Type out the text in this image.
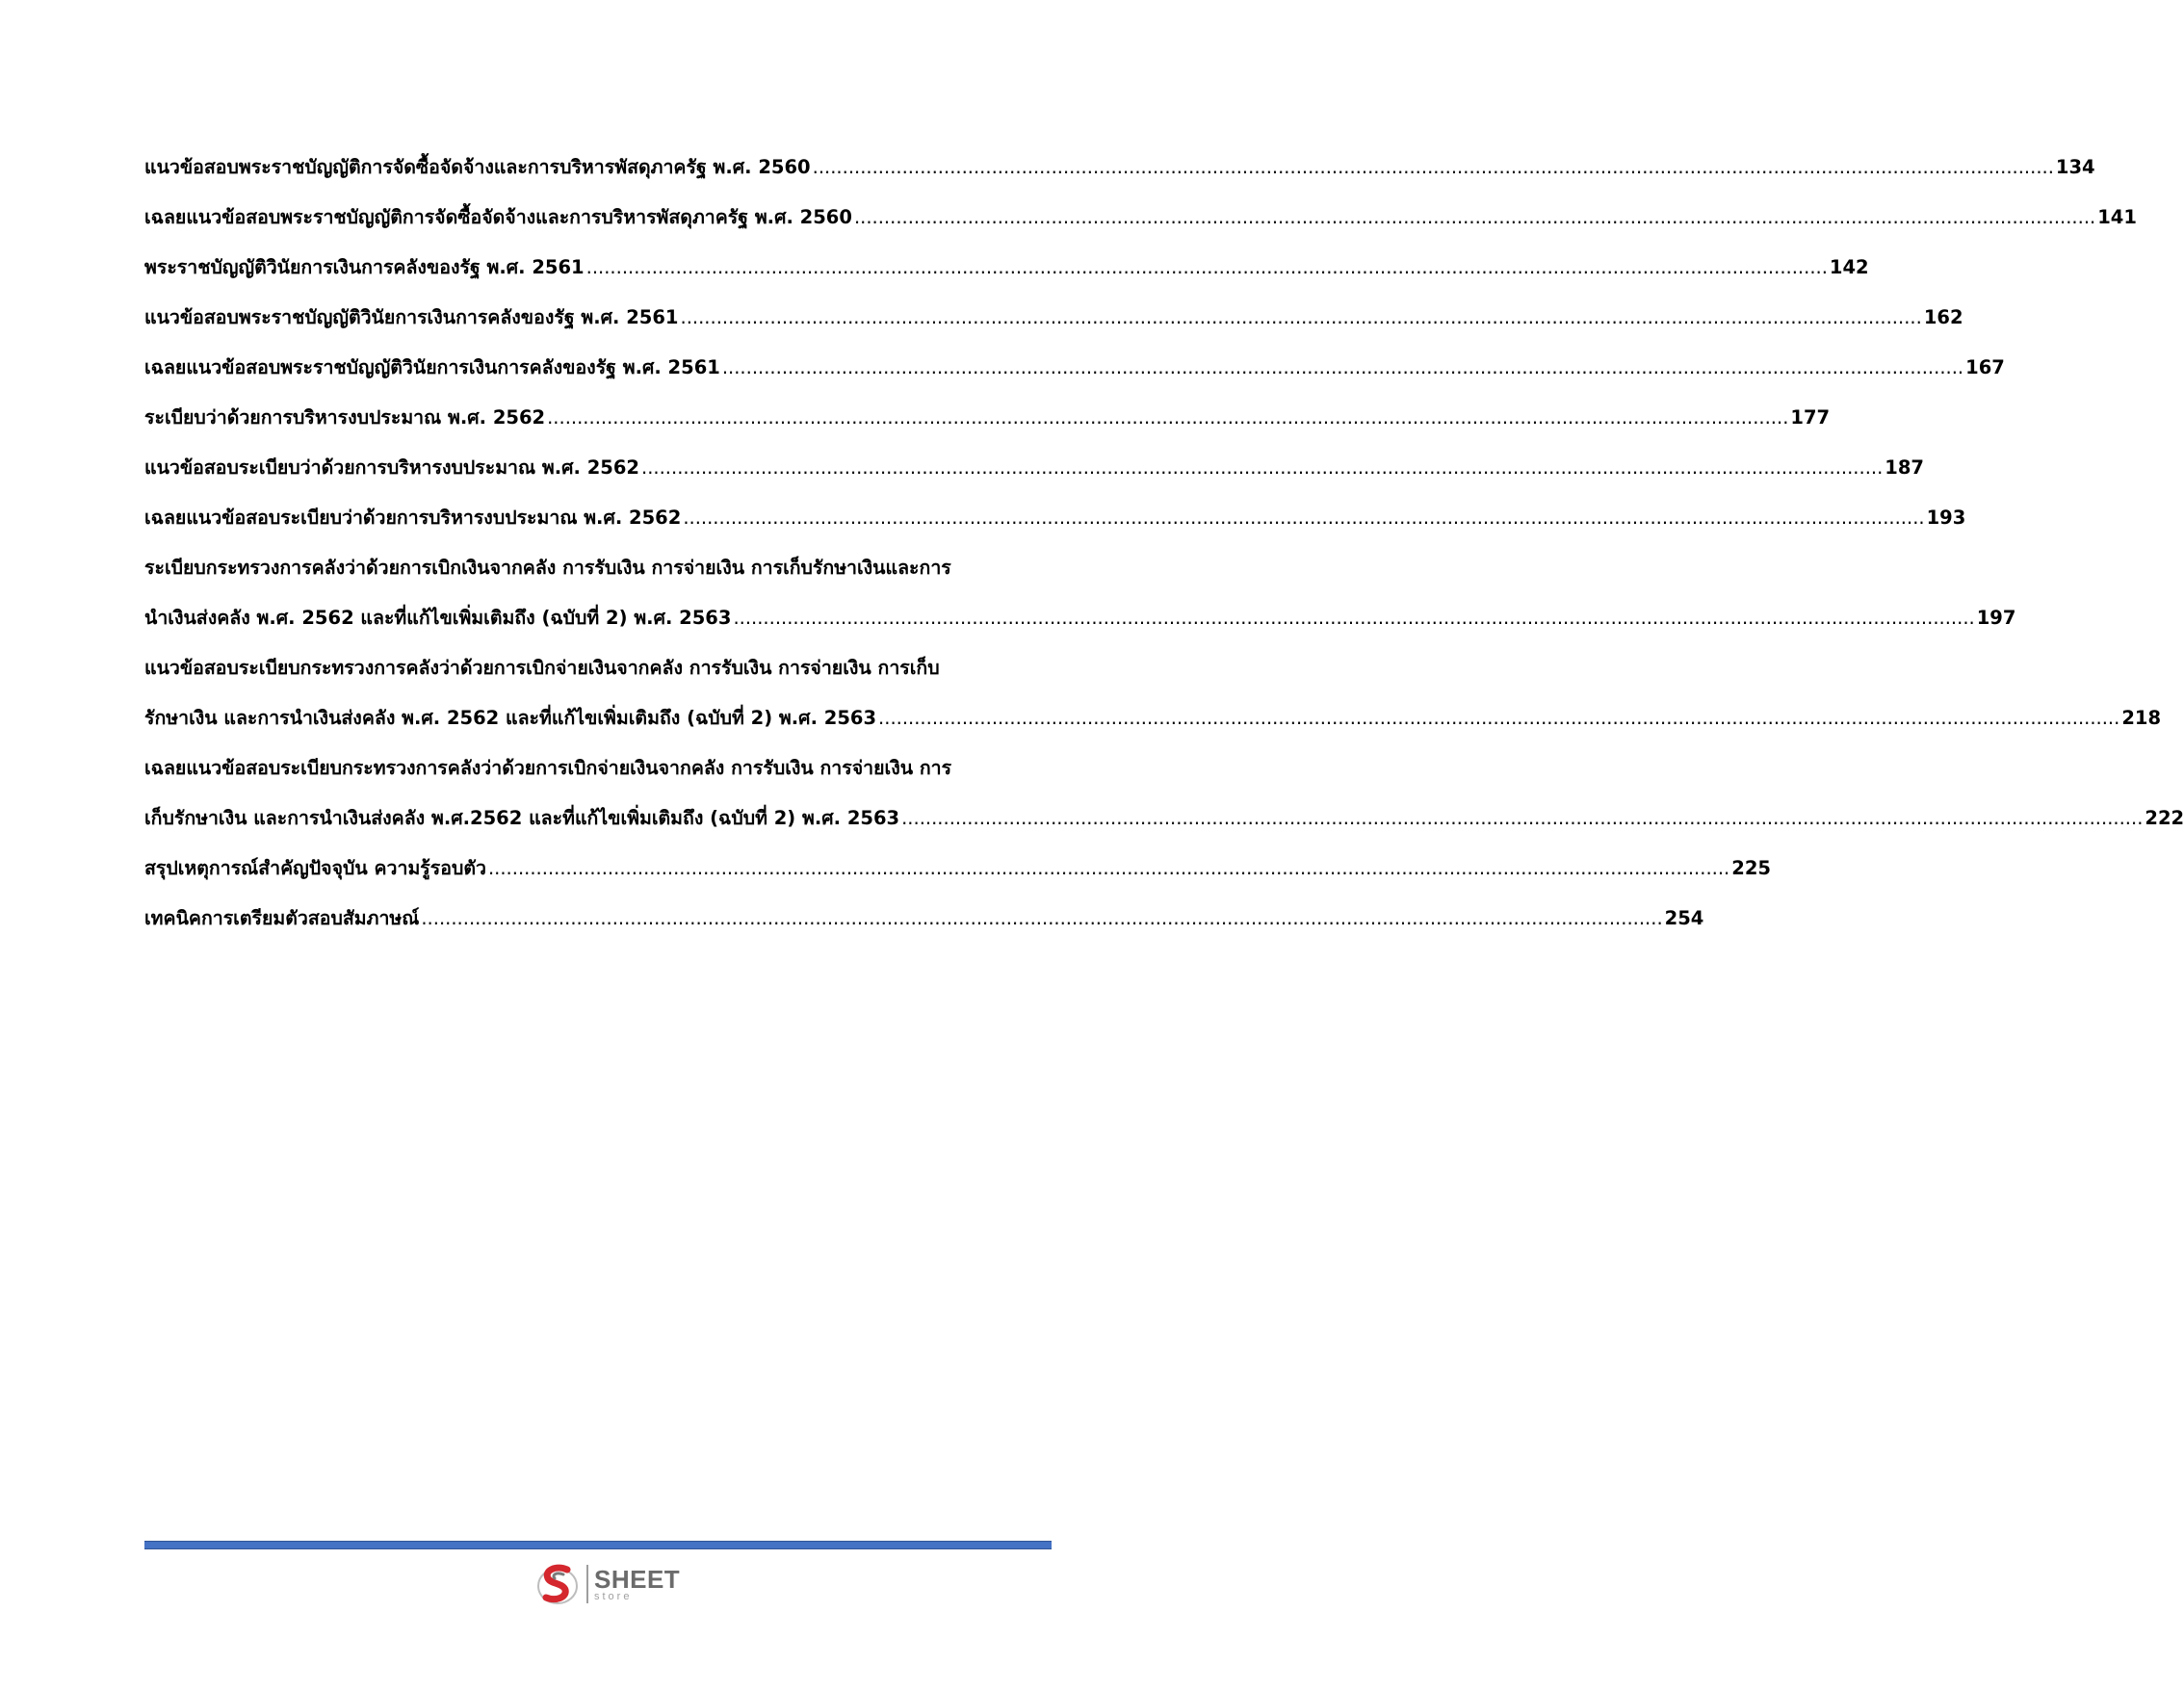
แนวข้อสอบพระราชบัญญัติการจัดซื้อจัดจ้างและการบริหารพัสดุภาครัฐ พ.ศ. 2560 .....	134
เฉลยแนวข้อสอบพระราชบัญญัติการจัดซื้อจัดจ้างและการบริหารพัสดุภาครัฐ พ.ศ. 2560 .....	141
พระราชบัญญัติวินัยการเงินการคลังของรัฐ พ.ศ. 2561 .....	142
แนวข้อสอบพระราชบัญญัติวินัยการเงินการคลังของรัฐ พ.ศ. 2561 .....	162
เฉลยแนวข้อสอบพระราชบัญญัติวินัยการเงินการคลังของรัฐ พ.ศ. 2561 .....	167
ระเบียบว่าด้วยการบริหารงบประมาณ พ.ศ. 2562 .....	177
แนวข้อสอบระเบียบว่าด้วยการบริหารงบประมาณ พ.ศ. 2562 .....	187
เฉลยแนวข้อสอบระเบียบว่าด้วยการบริหารงบประมาณ พ.ศ. 2562 .....	193
ระเบียบกระทรวงการคลังว่าด้วยการเบิกเงินจากคลัง การรับเงิน การจ่ายเงิน การเก็บรักษาเงินและการ
นำเงินส่งคลัง พ.ศ. 2562 และที่แก้ไขเพิ่มเติมถึง (ฉบับที่ 2) พ.ศ. 2563 .....	197
แนวข้อสอบระเบียบกระทรวงการคลังว่าด้วยการเบิกจ่ายเงินจากคลัง การรับเงิน การจ่ายเงิน การเก็บ
รักษาเงิน และการนำเงินส่งคลัง พ.ศ. 2562 และที่แก้ไขเพิ่มเติมถึง (ฉบับที่ 2) พ.ศ. 2563 .....	218
เฉลยแนวข้อสอบระเบียบกระทรวงการคลังว่าด้วยการเบิกจ่ายเงินจากคลัง การรับเงิน การจ่ายเงิน การ
เก็บรักษาเงิน และการนำเงินส่งคลัง พ.ศ.2562 และที่แก้ไขเพิ่มเติมถึง (ฉบับที่ 2) พ.ศ. 2563 .....	222
สรุปเหตุการณ์สำคัญปัจจุบัน ความรู้รอบตัว .....	225
เทคนิคการเตรียมตัวสอบสัมภาษณ์ .....	254
SHEET
store
